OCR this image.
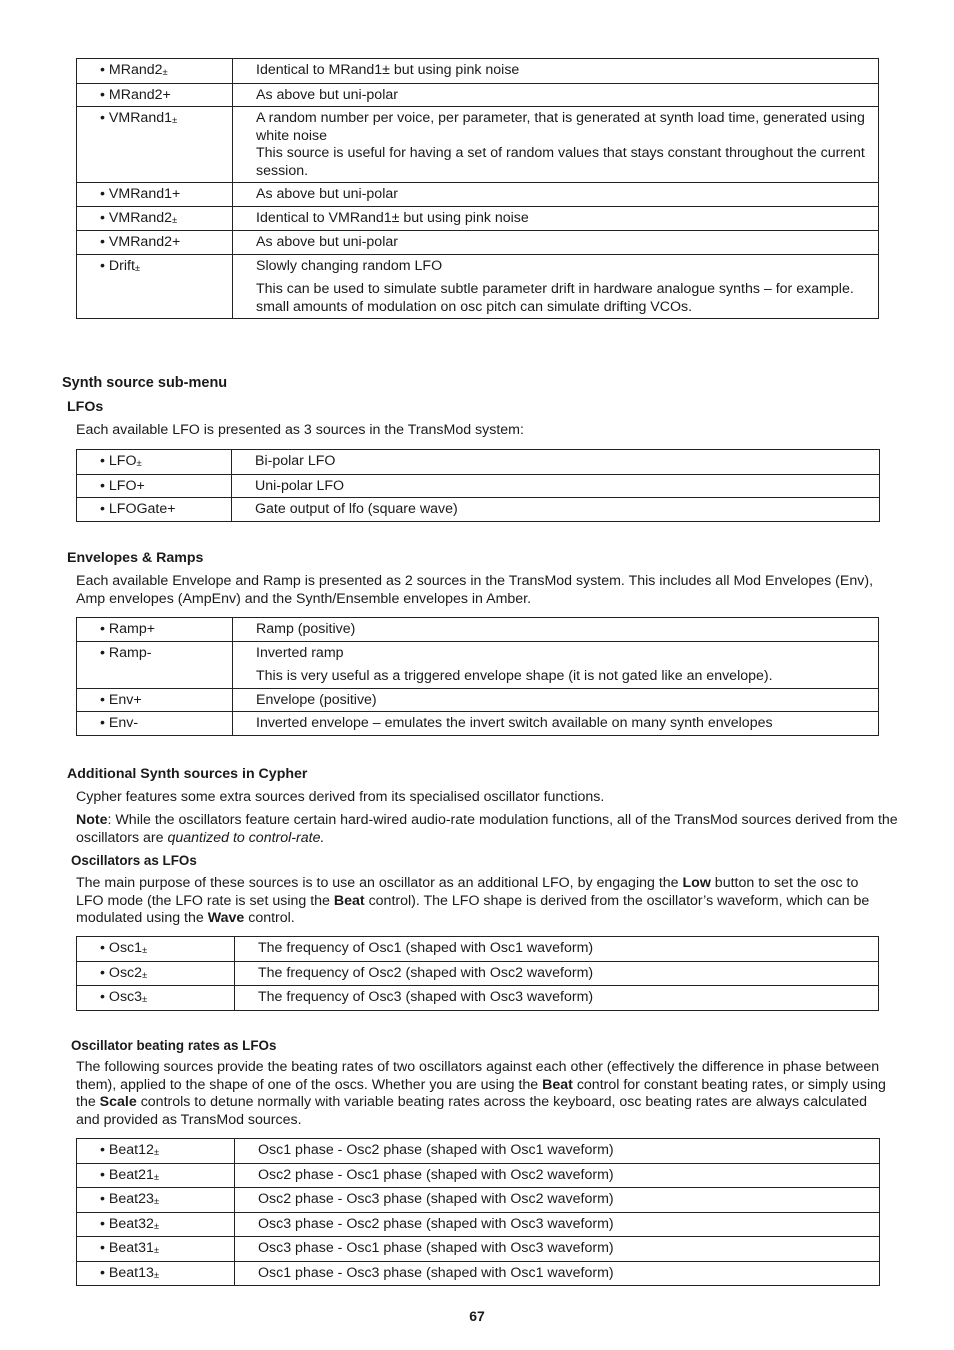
• MRand2±	Identical to MRand1± but using pink noise

• MRand2+	As above but uni-polar

• VMRand1±	A random number per voice, per parameter, that is generated at synth load time, generated using white noise

This source is useful for having a set of random values that stays constant throughout the current session.

• VMRand1+	As above but uni-polar

• VMRand2±	Identical to VMRand1± but using pink noise

• VMRand2+	As above but uni-polar

• Drift±	Slowly changing random LFO

This can be used to simulate subtle parameter drift in hardware analogue synths – for example. small amounts of modulation on osc pitch can simulate drifting VCOs.

Synth source sub-menu
LFOs
Each available LFO is presented as 3 sources in the TransMod system:
• LFO±	Bi-polar LFO

• LFO+	Uni-polar LFO

• LFOGate+	Gate output of lfo (square wave)

Envelopes & Ramps
Each available Envelope and Ramp is presented as 2 sources in the TransMod system. This includes all Mod Envelopes (Env), Amp envelopes (AmpEnv) and the Synth/Ensemble envelopes in Amber.
• Ramp+	Ramp (positive)

• Ramp-	Inverted ramp

This is very useful as a triggered envelope shape (it is not gated like an envelope).

• Env+	Envelope (positive)

• Env-	Inverted envelope – emulates the invert switch available on many synth envelopes

Additional Synth sources in Cypher
Cypher features some extra sources derived from its specialised oscillator functions.
Note: While the oscillators feature certain hard-wired audio-rate modulation functions, all of the TransMod sources derived from the oscillators are quantized to control-rate.
Oscillators as LFOs
The main purpose of these sources is to use an oscillator as an additional LFO, by engaging the Low button to set the osc to LFO mode (the LFO rate is set using the Beat control). The LFO shape is derived from the oscillator’s waveform, which can be modulated using the Wave control.
• Osc1±	The frequency of Osc1 (shaped with Osc1 waveform)

• Osc2±	The frequency of Osc2 (shaped with Osc2 waveform)

• Osc3±	The frequency of Osc3 (shaped with Osc3 waveform)

Oscillator beating rates as LFOs
The following sources provide the beating rates of two oscillators against each other (effectively the difference in phase between them), applied to the shape of one of the oscs. Whether you are using the Beat control for constant beating rates, or simply using the Scale controls to detune normally with variable beating rates across the keyboard, osc beating rates are always calculated and provided as TransMod sources.
• Beat12±	Osc1 phase - Osc2 phase (shaped with Osc1 waveform)

• Beat21±	Osc2 phase - Osc1 phase (shaped with Osc2 waveform)

• Beat23±	Osc2 phase - Osc3 phase (shaped with Osc2 waveform)

• Beat32±	Osc3 phase - Osc2 phase (shaped with Osc3 waveform)

• Beat31±	Osc3 phase - Osc1 phase (shaped with Osc3 waveform)

• Beat13±	Osc1 phase - Osc3 phase (shaped with Osc1 waveform)

67
